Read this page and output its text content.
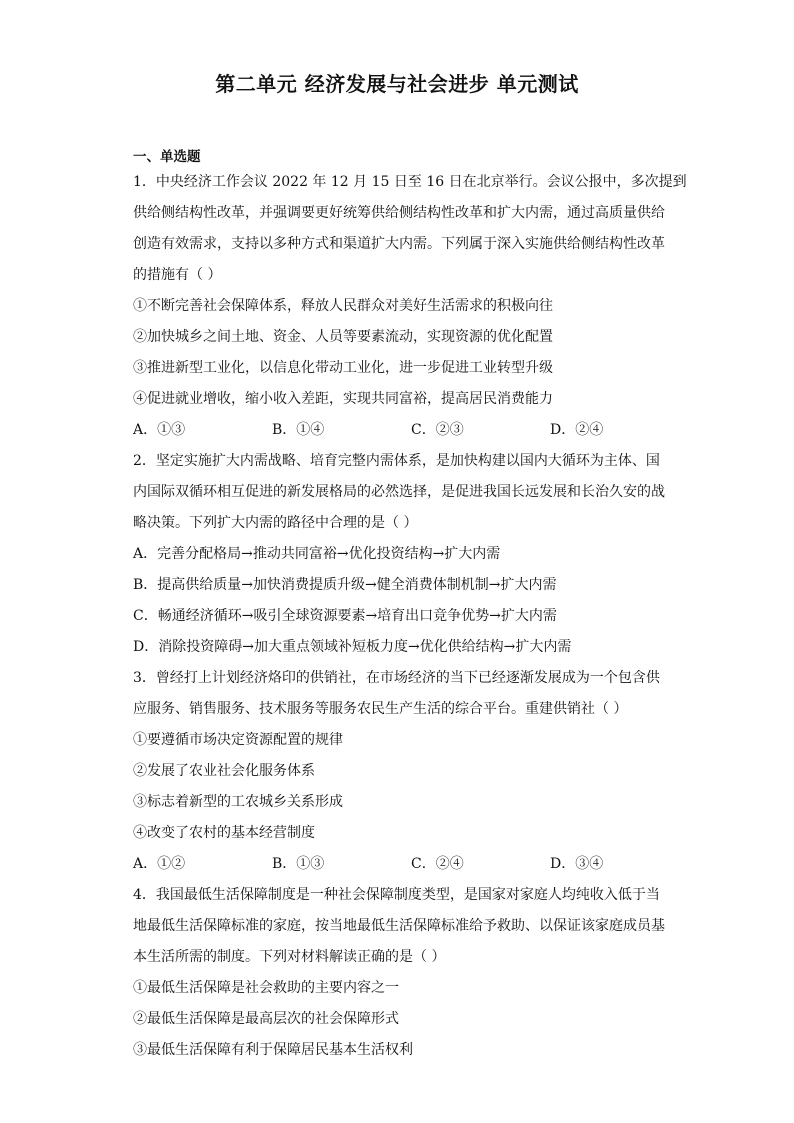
第二单元 经济发展与社会进步 单元测试
一、单选题
1．中央经济工作会议 2022 年 12 月 15 日至 16 日在北京举行。会议公报中，多次提到
供给侧结构性改革，并强调要更好统筹供给侧结构性改革和扩大内需，通过高质量供给
创造有效需求，支持以多种方式和渠道扩大内需。下列属于深入实施供给侧结构性改革
的措施有（ ）
①不断完善社会保障体系，释放人民群众对美好生活需求的积极向往
②加快城乡之间土地、资金、人员等要素流动，实现资源的优化配置
③推进新型工业化，以信息化带动工业化，进一步促进工业转型升级
④促进就业增收，缩小收入差距，实现共同富裕，提高居民消费能力
A．①③	B．①④	C．②③	D．②④
2．坚定实施扩大内需战略、培育完整内需体系，是加快构建以国内大循环为主体、国
内国际双循环相互促进的新发展格局的必然选择，是促进我国长远发展和长治久安的战
略决策。下列扩大内需的路径中合理的是（ ）
A．完善分配格局→推动共同富裕→优化投资结构→扩大内需
B．提高供给质量→加快消费提质升级→健全消费体制机制→扩大内需
C．畅通经济循环→吸引全球资源要素→培育出口竞争优势→扩大内需
D．消除投资障碍→加大重点领域补短板力度→优化供给结构→扩大内需
3．曾经打上计划经济烙印的供销社，在市场经济的当下已经逐渐发展成为一个包含供
应服务、销售服务、技术服务等服务农民生产生活的综合平台。重建供销社（ ）
①要遵循市场决定资源配置的规律
②发展了农业社会化服务体系
③标志着新型的工农城乡关系形成
④改变了农村的基本经营制度
A．①②	B．①③	C．②④	D．③④
4．我国最低生活保障制度是一种社会保障制度类型，是国家对家庭人均纯收入低于当
地最低生活保障标准的家庭，按当地最低生活保障标准给予救助、以保证该家庭成员基
本生活所需的制度。下列对材料解读正确的是（ ）
①最低生活保障是社会救助的主要内容之一
②最低生活保障是最高层次的社会保障形式
③最低生活保障有利于保障居民基本生活权利
